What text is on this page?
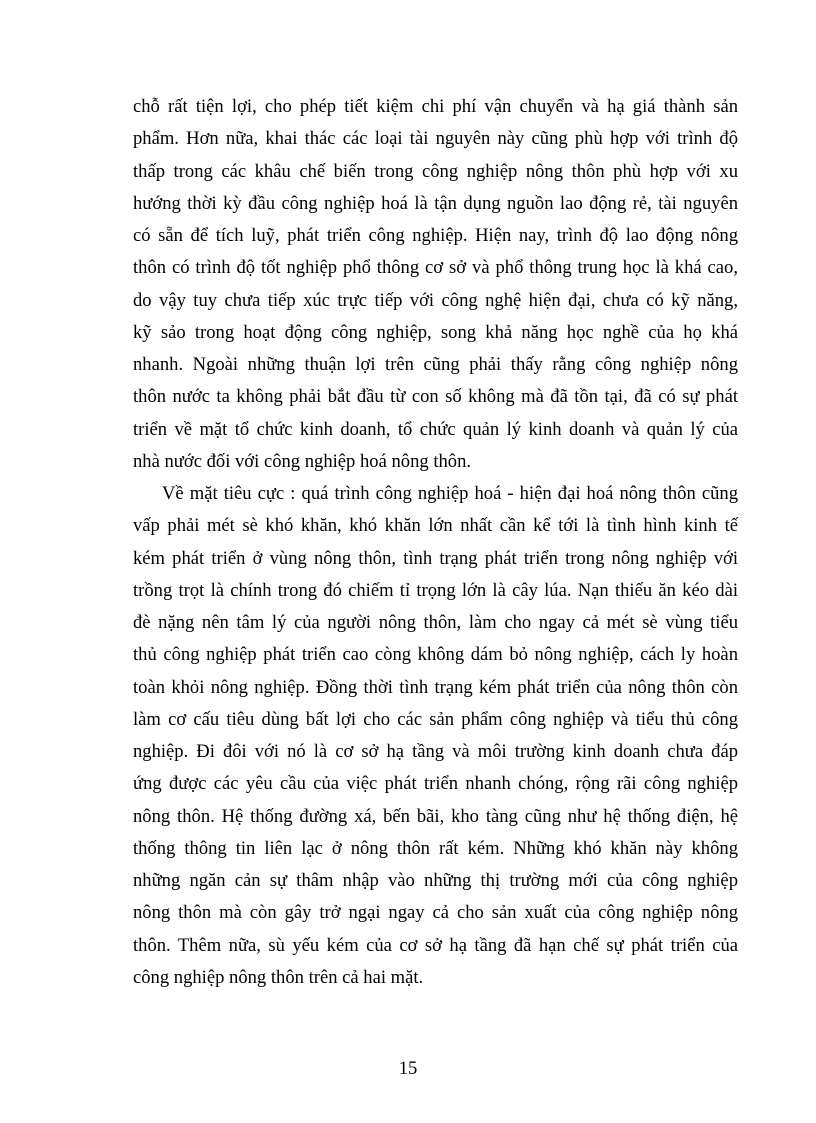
chỗ rất tiện lợi, cho phép tiết kiệm chi phí vận chuyển và hạ giá thành sản
phẩm. Hơn nữa, khai thác các loại tài nguyên này cũng phù hợp với trình độ
thấp trong các khâu chế biến trong công nghiệp nông thôn phù hợp với xu
hướng thời kỳ đầu công nghiệp hoá là tận dụng nguồn lao động rẻ, tài nguyên
có sẵn để tích luỹ, phát triển công nghiệp. Hiện nay, trình độ lao động nông
thôn có trình độ tốt nghiệp phổ thông cơ sở và phổ thông trung học là khá cao,
do vậy tuy chưa tiếp xúc trực tiếp với công nghệ hiện đại, chưa có kỹ năng,
kỹ sảo trong hoạt động công nghiệp, song khả năng học nghề của họ khá
nhanh. Ngoài những thuận lợi trên cũng phải thấy rằng công nghiệp nông
thôn nước ta không phải bắt đầu từ con số không mà đã tồn tại, đã có sự phát
triển về mặt tổ chức kinh doanh, tổ chức quản lý kinh doanh và quản lý của
nhà nước đối với công nghiệp hoá nông thôn.
Về mặt tiêu cực : quá trình công nghiệp hoá - hiện đại hoá nông thôn cũng
vấp phải mét sè khó khăn, khó khăn lớn nhất cần kể tới là tình hình kinh tế
kém phát triển ở vùng nông thôn, tình trạng phát triển trong nông nghiệp với
trồng trọt là chính trong đó chiếm tỉ trọng lớn là cây lúa. Nạn thiếu ăn kéo dài
đè nặng nên tâm lý của người nông thôn, làm cho ngay cả mét sè vùng tiểu
thủ công nghiệp phát triển cao còng không dám bỏ nông nghiệp, cách ly hoàn
toàn khỏi nông nghiệp. Đồng thời tình trạng kém phát triển của nông thôn còn
làm cơ cấu tiêu dùng bất lợi cho các sản phẩm công nghiệp và tiểu thủ công
nghiệp. Đi đôi với nó là cơ sở hạ tầng và môi trường kinh doanh chưa đáp
ứng được các yêu cầu của việc phát triển nhanh chóng, rộng rãi công nghiệp
nông thôn. Hệ thống đường xá, bến bãi, kho tàng cũng như hệ thống điện, hệ
thống thông tin liên lạc ở nông thôn rất kém. Những khó khăn này không
những ngăn cản sự thâm nhập vào những thị trường mới của công nghiệp
nông thôn mà còn gây trở ngại ngay cả cho sản xuất của công nghiệp nông
thôn. Thêm nữa, sù yếu kém của cơ sở hạ tầng đã hạn chế sự phát triển của
công nghiệp nông thôn trên cả hai mặt.
15
